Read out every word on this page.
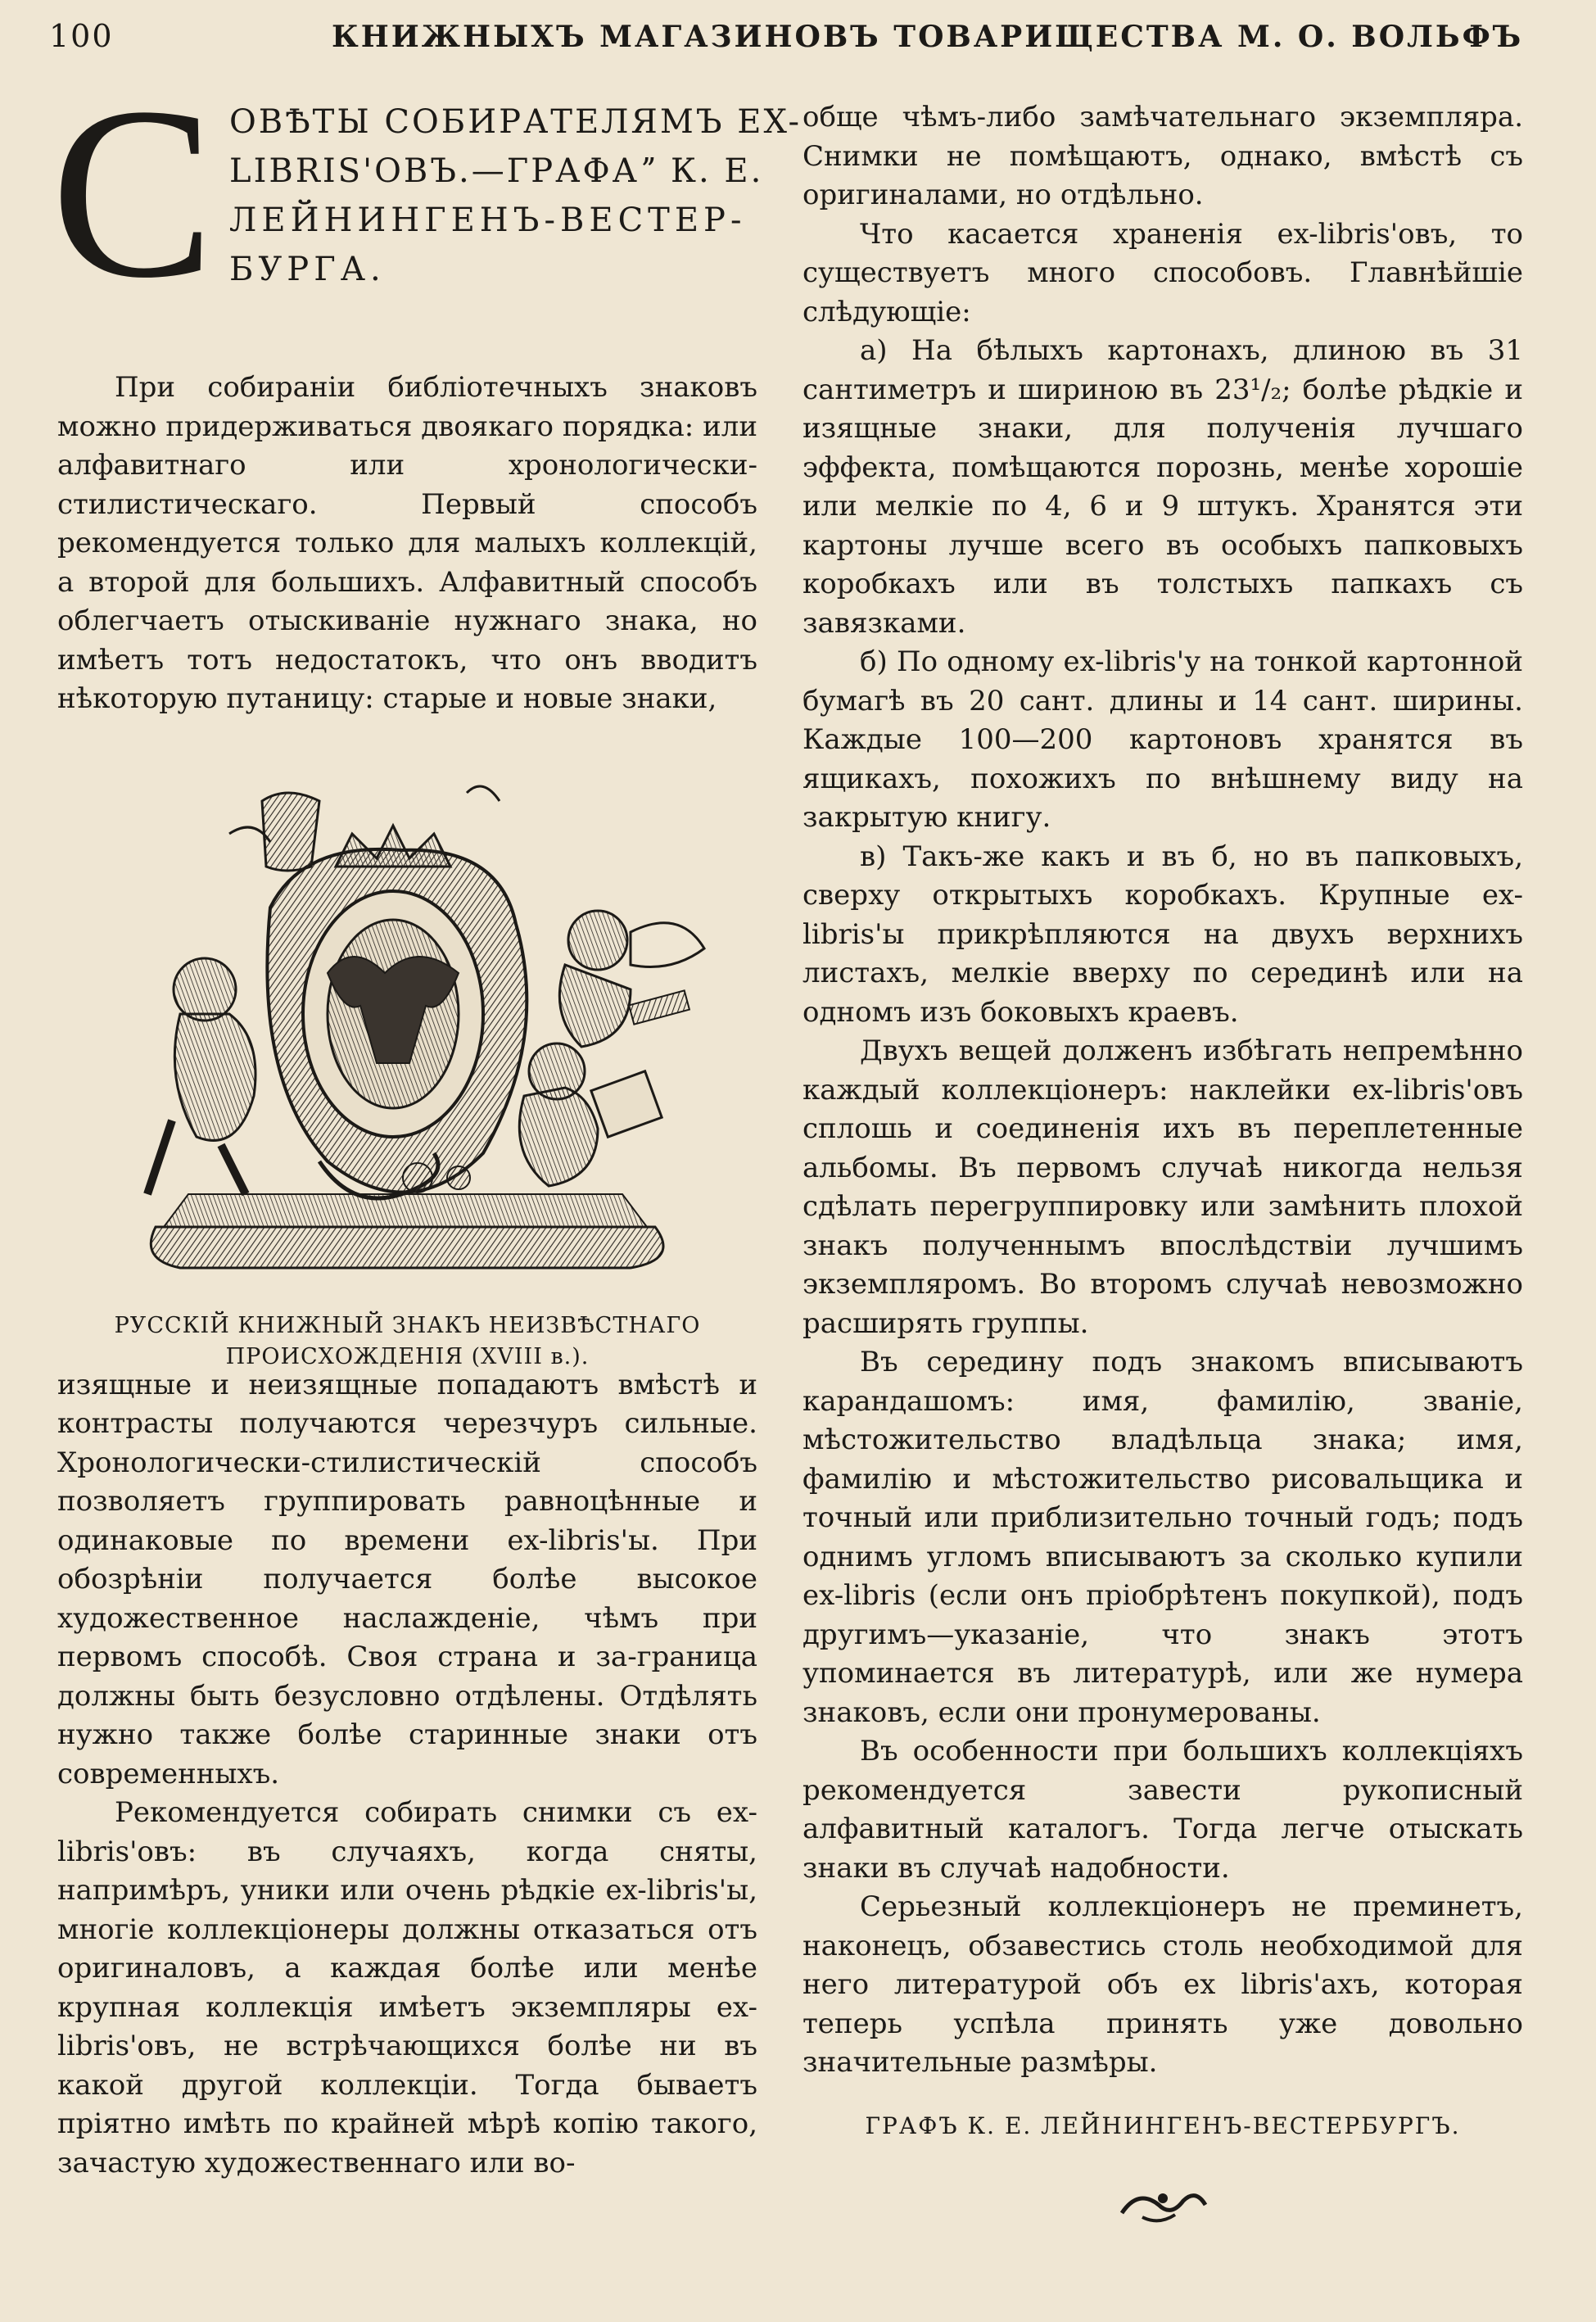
100	КНИЖНЫХЪ МАГАЗИНОВЪ ТОВАРИЩЕСТВА М. О. ВОЛЬФЪ
С ОВѢТЫ СОБИРАТЕЛЯМЪ EX-
LIBRIS'ОВЪ.—ГРАФАˮ К. Е.
ЛЕЙНИНГЕНЪ-ВЕСТЕР-
БУРГА.

При собиранiи библiотечныхъ знаковъ можно придерживаться двоякаго порядка: или алфавитнаго или хронологически-стилистическаго. Первый способъ рекомендуется только для малыхъ коллекцiй, а второй для большихъ. Алфавитный способъ облегчаетъ отыскиванiе нужнаго знака, но имѣетъ тотъ недостатокъ, что онъ вводитъ нѣкоторую путаницу: старые и новые знаки,

РУССКIЙ КНИЖНЫЙ ЗНАКЪ НЕИЗВѢСТНАГО ПРОИСХОЖДЕНIЯ (XVIII в.).

изящные и неизящные попадаютъ вмѣстѣ и контрасты получаются черезчуръ сильные. Хронологически-стилистическiй способъ позволяетъ группировать равноцѣнные и одинаковые по времени ex-libris'ы. При обозрѣнiи получается болѣе высокое художественное наслажденiе, чѣмъ при первомъ способѣ. Своя страна и за-граница должны быть безусловно отдѣлены. Отдѣлять нужно также болѣе старинные знаки отъ современныхъ.

Рекомендуется собирать снимки съ ex-libris'овъ: въ случаяхъ, когда сняты, напримѣръ, уники или очень рѣдкiе ex-libris'ы, многiе коллекцiонеры должны отказаться отъ оригиналовъ, а каждая болѣе или менѣе крупная коллекцiя имѣетъ экземпляры ex-libris'овъ, не встрѣчающихся болѣе ни въ какой другой коллекцiи. Тогда бываетъ прiятно имѣть по крайней мѣрѣ копiю такого, зачастую художественнаго или во-

обще чѣмъ-либо замѣчательнаго экземпляра. Снимки не помѣщаютъ, однако, вмѣстѣ съ оригиналами, но отдѣльно.

Что касается храненiя ex-libris'овъ, то существуетъ много способовъ. Главнѣйшiе слѣдующiе:

а) На бѣлыхъ картонахъ, длиною въ 31 сантиметръ и шириною въ 23¹/₂; болѣе рѣдкiе и изящные знаки, для полученiя лучшаго эффекта, помѣщаются порознь, менѣе хорошiе или мелкiе по 4, 6 и 9 штукъ. Хранятся эти картоны лучше всего въ особыхъ папковыхъ коробкахъ или въ толстыхъ папкахъ съ завязками.

б) По одному ex-libris'у на тонкой картонной бумагѣ въ 20 сант. длины и 14 сант. ширины. Каждые 100—200 картоновъ хранятся въ ящикахъ, похожихъ по внѣшнему виду на закрытую книгу.

в) Такъ-же какъ и въ б, но въ папковыхъ, сверху открытыхъ коробкахъ. Крупные ex-libris'ы прикрѣпляются на двухъ верхнихъ листахъ, мелкiе вверху по серединѣ или на одномъ изъ боковыхъ краевъ.

Двухъ вещей долженъ избѣгать непремѣнно каждый коллекцiонеръ: наклейки ex-libris'овъ сплошь и соединенiя ихъ въ переплетенные альбомы. Въ первомъ случаѣ никогда нельзя сдѣлать перегруппировку или замѣнить плохой знакъ полученнымъ впослѣдствiи лучшимъ экземпляромъ. Во второмъ случаѣ невозможно расширять группы.

Въ середину подъ знакомъ вписываютъ карандашомъ: имя, фамилiю, званiе, мѣстожительство владѣльца знака; имя, фамилiю и мѣстожительство рисовальщика и точный или приблизительно точный годъ; подъ однимъ угломъ вписываютъ за сколько купили ex-libris (если онъ прiобрѣтенъ покупкой), подъ другимъ—указанiе, что знакъ этотъ упоминается въ литературѣ, или же нумера знаковъ, если они пронумерованы.

Въ особенности при большихъ коллекцiяхъ рекомендуется завести рукописный алфавитный каталогъ. Тогда легче отыскать знаки въ случаѣ надобности.

Серьезный коллекцiонеръ не преминетъ, наконецъ, обзавестись столь необходимой для него литературой объ ex libris'ахъ, которая теперь успѣла принять уже довольно значительные размѣры.

ГРАФЪ К. Е. ЛЕЙНИНГЕНЪ-ВЕСТЕРБУРГЪ.
